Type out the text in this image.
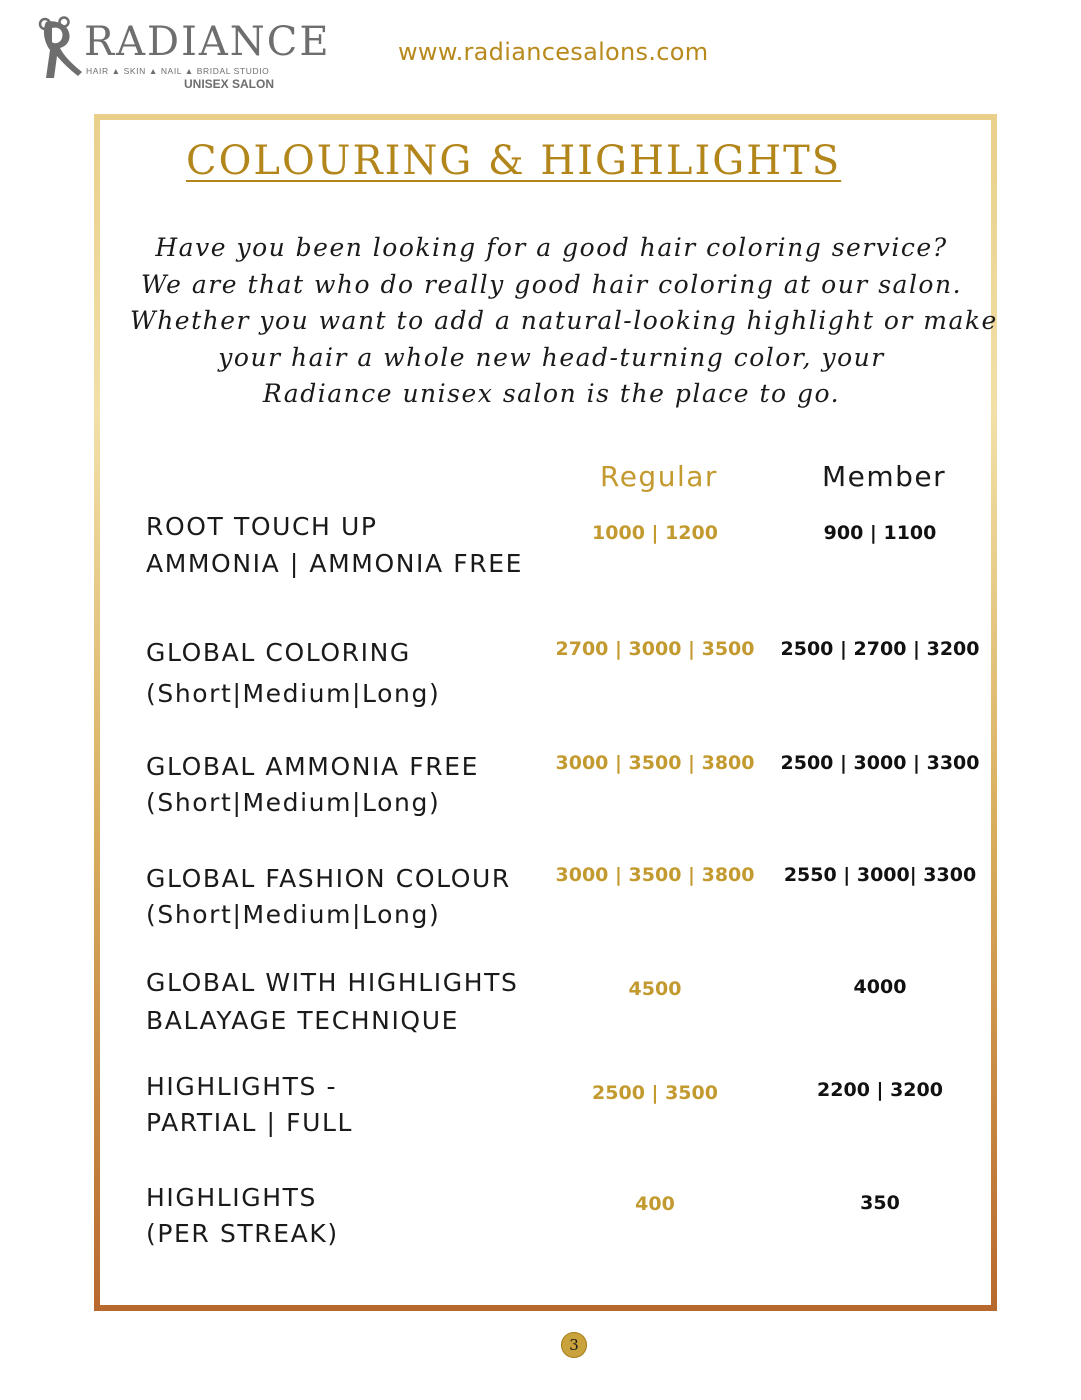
RADIANCE
HAIR ▲ SKIN ▲ NAIL ▲ BRIDAL STUDIO
UNISEX SALON
www.radiancesalons.com
COLOURING & HIGHLIGHTS
Have you been looking for a good hair coloring service?
We are that who do really good hair coloring at our salon.
Whether you want to add a natural-looking highlight or make
your hair a whole new head-turning color, your
Radiance unisex salon is the place to go.
Regular	Member
ROOT TOUCH UP
AMMONIA | AMMONIA FREE
1000 | 1200	900 | 1100
GLOBAL COLORING
(Short|Medium|Long)
2700 | 3000 | 3500	2500 | 2700 | 3200
GLOBAL AMMONIA FREE
(Short|Medium|Long)
3000 | 3500 | 3800	2500 | 3000 | 3300
GLOBAL FASHION COLOUR
(Short|Medium|Long)
3000 | 3500 | 3800	2550 | 3000| 3300
GLOBAL WITH HIGHLIGHTS
BALAYAGE TECHNIQUE
4500	4000
HIGHLIGHTS -
PARTIAL | FULL
2500 | 3500	2200 | 3200
HIGHLIGHTS
(PER STREAK)
400	350
3
